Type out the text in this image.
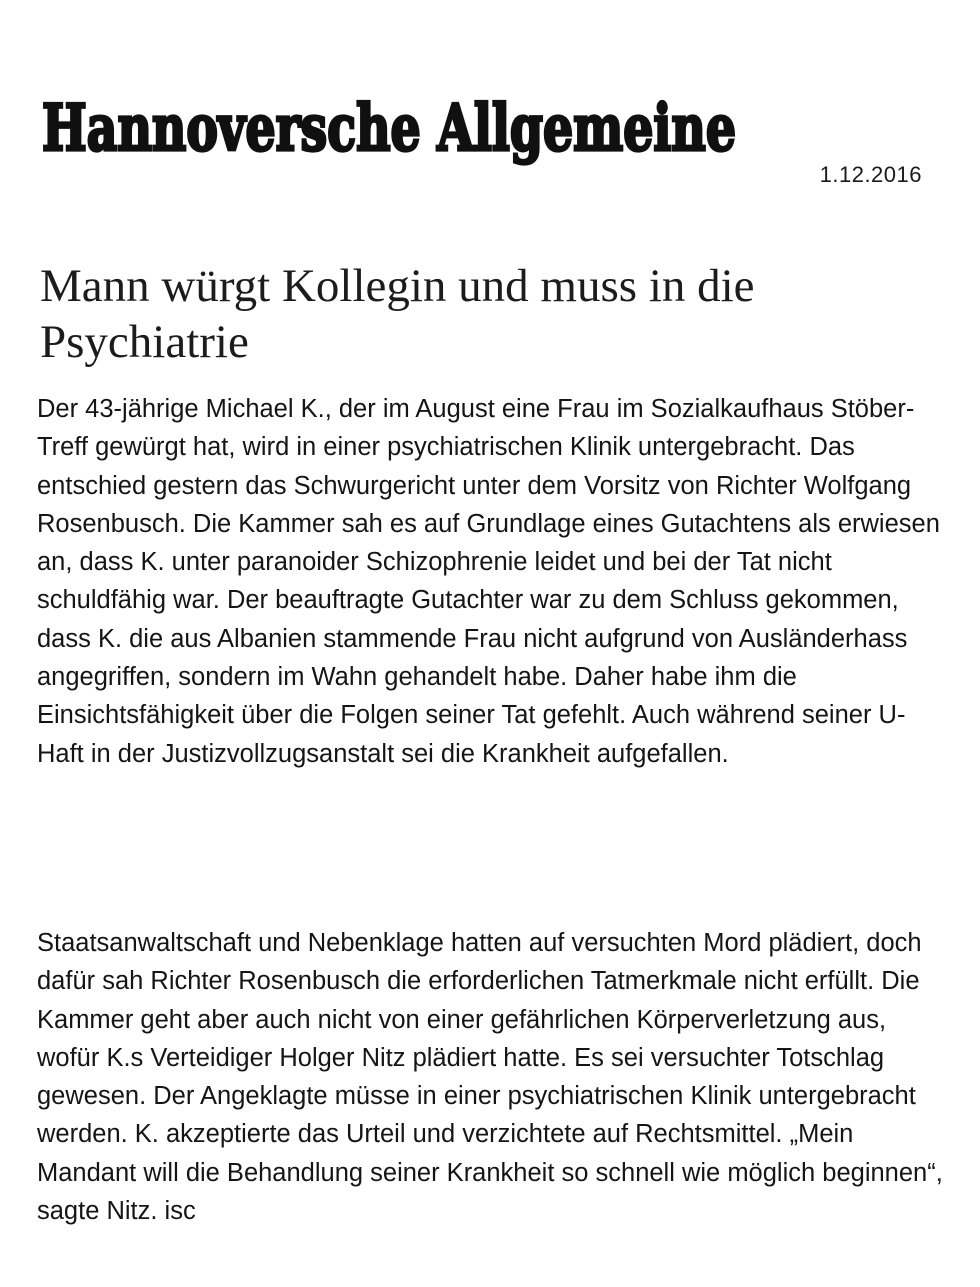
Hannoversche Allgemeine
1.12.2016
Mann würgt Kollegin und muss in die Psychiatrie

Der 43-jährige Michael K., der im August eine Frau im Sozialkaufhaus Stöber-Treff gewürgt hat, wird in einer psychiatrischen Klinik untergebracht. Das entschied gestern das Schwurgericht unter dem Vorsitz von Richter Wolfgang Rosenbusch. Die Kammer sah es auf Grundlage eines Gutachtens als erwiesen an, dass K. unter paranoider Schizophrenie leidet und bei der Tat nicht schuldfähig war. Der beauftragte Gutachter war zu dem Schluss gekommen, dass K. die aus Albanien stammende Frau nicht aufgrund von Ausländerhass angegriffen, sondern im Wahn gehandelt habe. Daher habe ihm die Einsichtsfähigkeit über die Folgen seiner Tat gefehlt. Auch während seiner U-Haft in der Justizvollzugsanstalt sei die Krankheit aufgefallen.

Staatsanwaltschaft und Nebenklage hatten auf versuchten Mord plädiert, doch dafür sah Richter Rosenbusch die erforderlichen Tatmerkmale nicht erfüllt. Die Kammer geht aber auch nicht von einer gefährlichen Körperverletzung aus, wofür K.s Verteidiger Holger Nitz plädiert hatte. Es sei versuchter Totschlag gewesen. Der Angeklagte müsse in einer psychiatrischen Klinik untergebracht werden. K. akzeptierte das Urteil und verzichtete auf Rechtsmittel. „Mein Mandant will die Behandlung seiner Krankheit so schnell wie möglich beginnen“, sagte Nitz. isc
